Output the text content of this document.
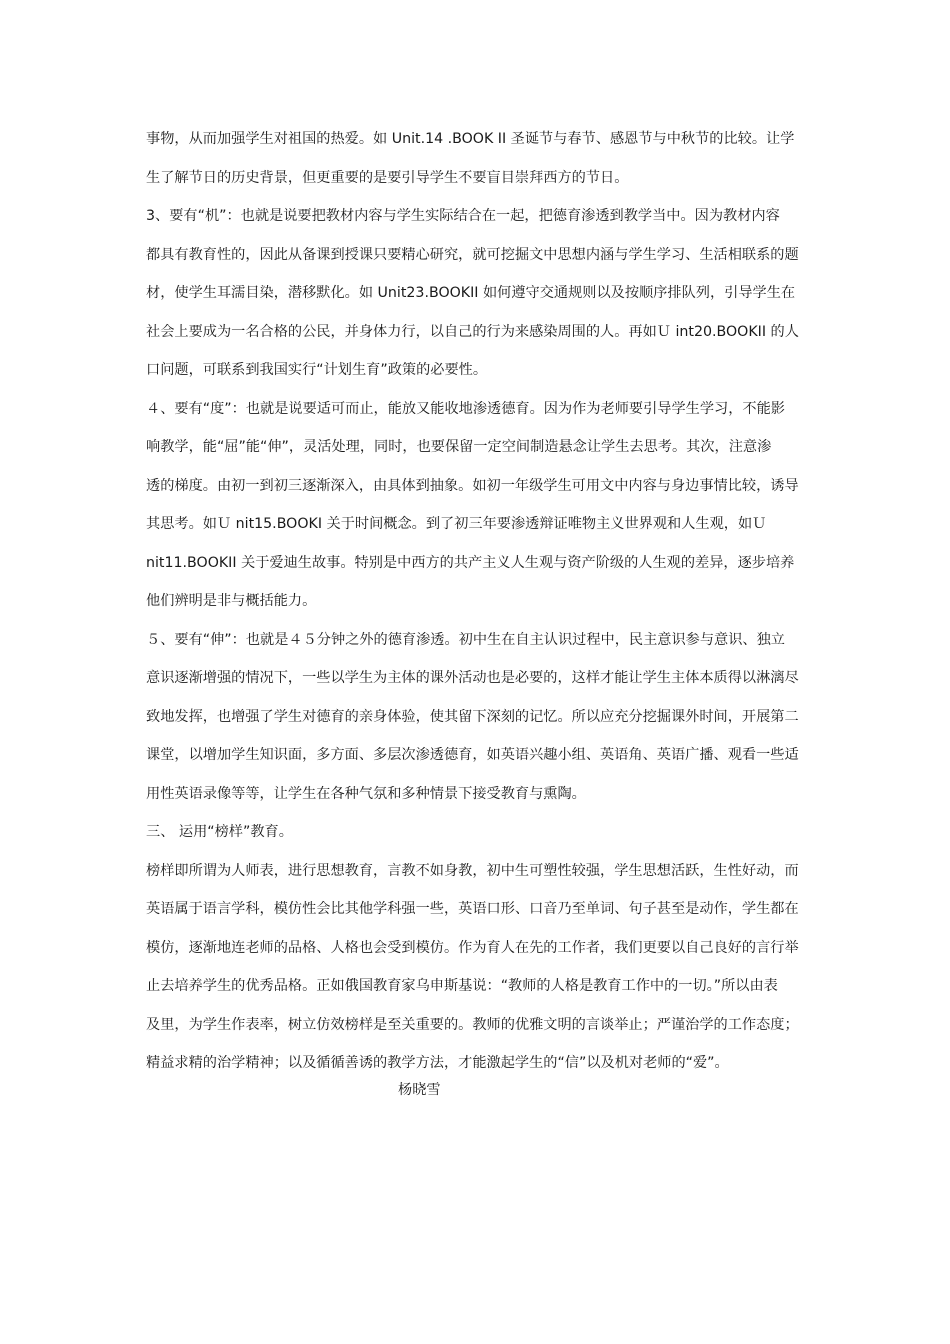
事物，从而加强学生对祖国的热爱。如 Unit.14 .BOOK II 圣诞节与春节、感恩节与中秋节的比较。让学
生了解节日的历史背景，但更重要的是要引导学生不要盲目崇拜西方的节日。
3、要有“机”：也就是说要把教材内容与学生实际结合在一起，把德育渗透到教学当中。因为教材内容
都具有教育性的，因此从备课到授课只要精心研究，就可挖掘文中思想内涵与学生学习、生活相联系的题
材，使学生耳濡目染，潜移默化。如 Unit23.BOOKII 如何遵守交通规则以及按顺序排队列，引导学生在
社会上要成为一名合格的公民，并身体力行，以自己的行为来感染周围的人。再如Ｕ int20.BOOKII 的人
口问题，可联系到我国实行“计划生育”政策的必要性。
４、要有“度”：也就是说要适可而止，能放又能收地渗透德育。因为作为老师要引导学生学习，不能影
响教学，能“屈”能“伸”，灵活处理，同时，也要保留一定空间制造悬念让学生去思考。其次，注意渗
透的梯度。由初一到初三逐渐深入，由具体到抽象。如初一年级学生可用文中内容与身边事情比较，诱导
其思考。如Ｕ nit15.BOOKI 关于时间概念。到了初三年要渗透辩证唯物主义世界观和人生观，如Ｕ
nit11.BOOKII 关于爱迪生故事。特别是中西方的共产主义人生观与资产阶级的人生观的差异，逐步培养
他们辨明是非与概括能力。
５、要有“伸”：也就是４５分钟之外的德育渗透。初中生在自主认识过程中，民主意识参与意识、独立
意识逐渐增强的情况下，一些以学生为主体的课外活动也是必要的，这样才能让学生主体本质得以淋漓尽
致地发挥，也增强了学生对德育的亲身体验，使其留下深刻的记忆。所以应充分挖掘课外时间，开展第二
课堂，以增加学生知识面，多方面、多层次渗透德育，如英语兴趣小组、英语角、英语广播、观看一些适
用性英语录像等等，让学生在各种气氛和多种情景下接受教育与熏陶。
三、 运用“榜样”教育。
榜样即所谓为人师表，进行思想教育，言教不如身教，初中生可塑性较强，学生思想活跃，生性好动，而
英语属于语言学科，模仿性会比其他学科强一些，英语口形、口音乃至单词、句子甚至是动作，学生都在
模仿，逐渐地连老师的品格、人格也会受到模仿。作为育人在先的工作者，我们更要以自己良好的言行举
止去培养学生的优秀品格。正如俄国教育家乌申斯基说：“教师的人格是教育工作中的一切。”所以由表
及里，为学生作表率，树立仿效榜样是至关重要的。教师的优雅文明的言谈举止；严谨治学的工作态度；
精益求精的治学精神；以及循循善诱的教学方法，才能激起学生的“信”以及机对老师的“爱”。
杨晓雪
